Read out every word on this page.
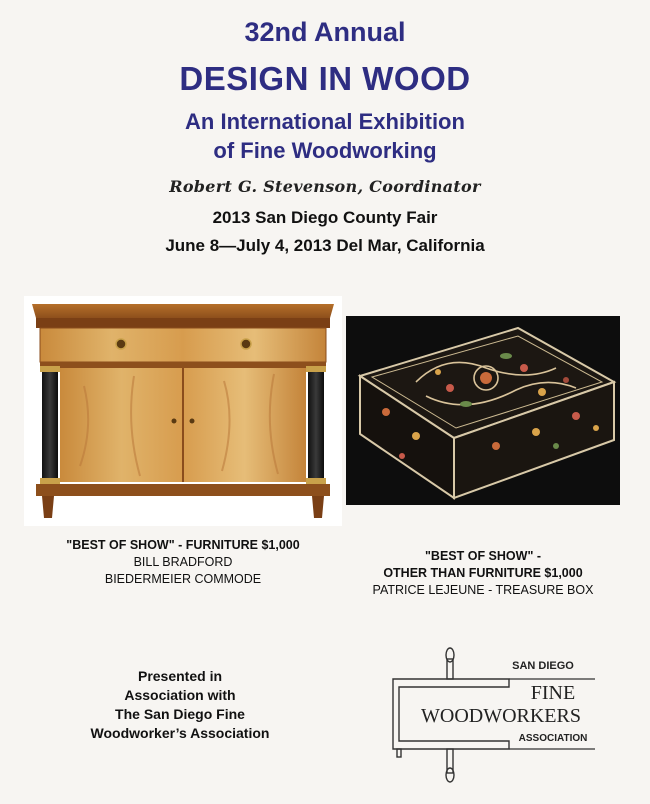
32nd Annual
DESIGN IN WOOD
An International Exhibition
of Fine Woodworking
Robert G. Stevenson, Coordinator
2013 San Diego County Fair
June 8—July 4, 2013 Del Mar, California
"BEST OF SHOW" - FURNITURE $1,000
BILL BRADFORD
BIEDERMEIER COMMODE
"BEST OF SHOW" -
OTHER THAN FURNITURE $1,000
PATRICE LEJEUNE - TREASURE BOX
Presented in
Association with
The San Diego Fine
Woodworker’s Association
SAN DIEGO
FINE
WOODWORKERS
ASSOCIATION
